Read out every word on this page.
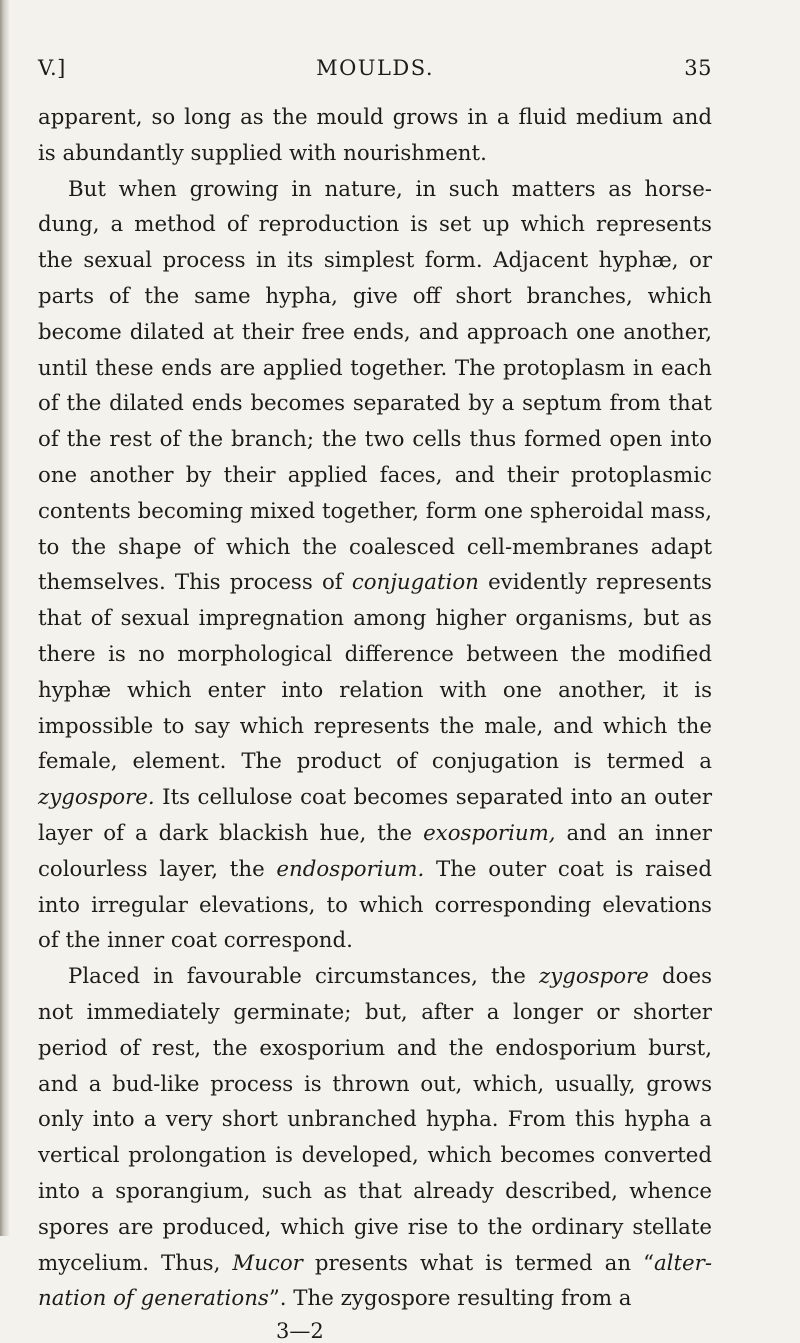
V.]	MOULDS.	35

apparent, so long as the mould grows in a fluid medium and is abundantly supplied with nourishment.

But when growing in nature, in such matters as horse-dung, a method of reproduction is set up which represents the sexual process in its simplest form. Adjacent hyphæ, or parts of the same hypha, give off short branches, which become dilated at their free ends, and approach one another, until these ends are applied together. The protoplasm in each of the dilated ends becomes separated by a septum from that of the rest of the branch; the two cells thus formed open into one another by their applied faces, and their protoplasmic contents becoming mixed together, form one spheroidal mass, to the shape of which the coalesced cell-membranes adapt themselves. This process of conjugation evidently represents that of sexual impregnation among higher organisms, but as there is no morphological difference between the modified hyphæ which enter into relation with one another, it is impossible to say which represents the male, and which the female, element. The product of conjugation is termed a zygospore. Its cellulose coat becomes separated into an outer layer of a dark blackish hue, the exosporium, and an inner colourless layer, the endosporium. The outer coat is raised into irregular elevations, to which corresponding elevations of the inner coat correspond.

Placed in favourable circumstances, the zygospore does not immediately germinate; but, after a longer or shorter period of rest, the exosporium and the endosporium burst, and a bud-like process is thrown out, which, usually, grows only into a very short unbranched hypha. From this hypha a vertical prolongation is developed, which becomes converted into a sporangium, such as that already described, whence spores are produced, which give rise to the ordinary stellate mycelium. Thus, Mucor presents what is termed an “alter-nation of generations”. The zygospore resulting from a

3—2
